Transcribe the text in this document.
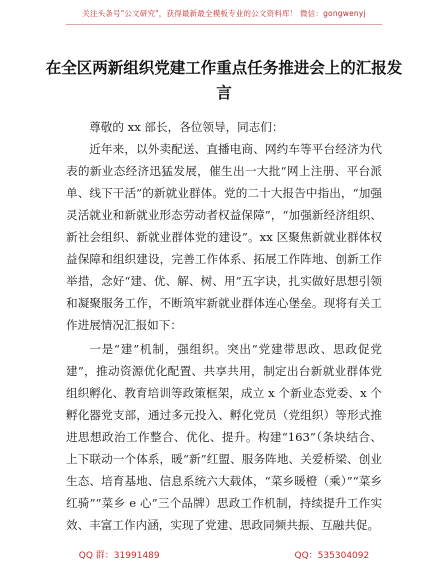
关注头条号"公文研究"，获得最新最全模板专业的公文资料库！ 微信：gongwenyj
在全区两新组织党建工作重点任务推进会上的汇报发言

尊敬的 xx 部长，各位领导，同志们：

近年来，以外卖配送、直播电商、网约车等平台经济为代表的新业态经济迅猛发展，催生出一大批“网上注册、平台派单、线下干活”的新就业群体。党的二十大报告中指出，“加强灵活就业和新就业形态劳动者权益保障”，“加强新经济组织、新社会组织、新就业群体党的建设”。xx 区聚焦新就业群体权益保障和组织建设，完善工作体系、拓展工作阵地、创新工作举措，念好“建、优、解、树、用”五字诀，扎实做好思想引领和凝聚服务工作，不断筑牢新就业群体连心堡垒。现将有关工作进展情况汇报如下：

一是“建”机制，强组织。突出“党建带思政、思政促党建”，推动资源优化配置、共享共用，制定出台新就业群体党组织孵化、教育培训等政策框架，成立 x 个新业态党委、x 个孵化器党支部，通过多元投入、孵化党员（党组织）等形式推进思想政治工作整合、优化、提升。构建“163”（条块结合、上下联动一个体系，暖“新”红盟、服务阵地、关爱桥梁、创业生态、培育基地、信息系统六大载体，“菜乡暖橙（乘）”“菜乡红骑”“菜乡 e 心”三个品牌）思政工作机制，持续提升工作实效、丰富工作内涵，实现了党建、思政同频共振、互融共促。

QQ 群：31991489	QQ：535304092
